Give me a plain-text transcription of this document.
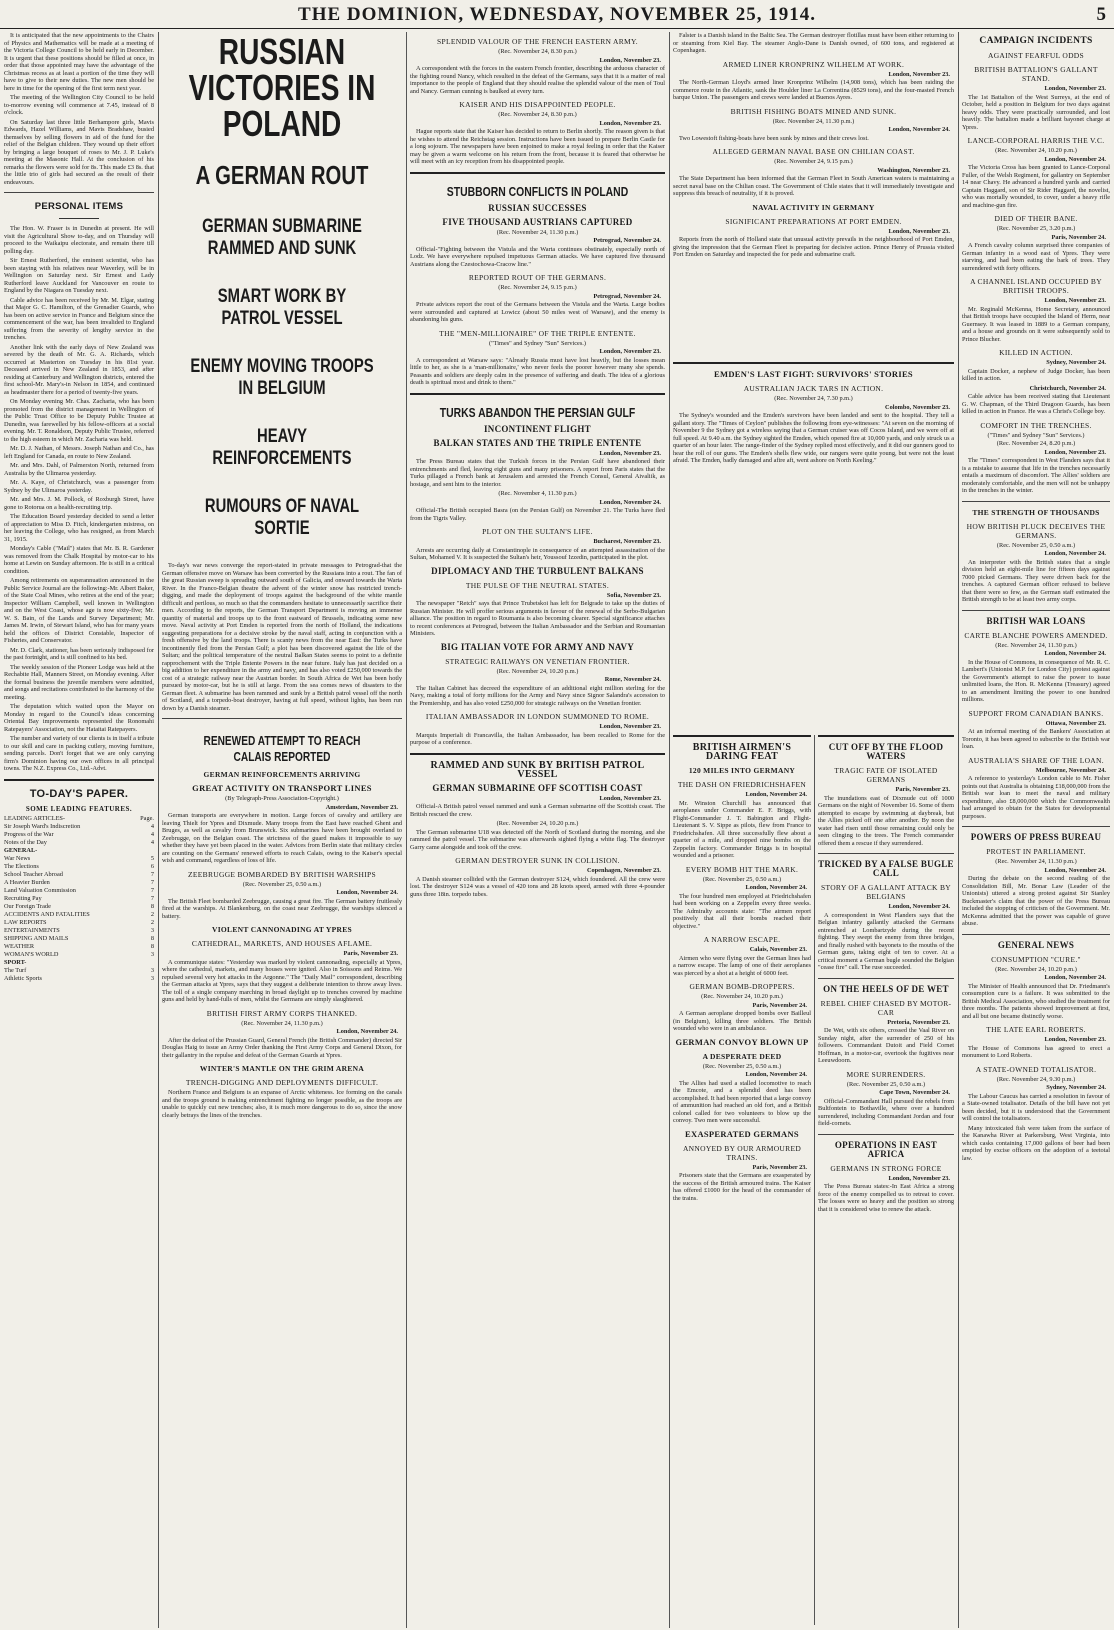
THE DOMINION, WEDNESDAY, NOVEMBER 25, 1914.	5

It is anticipated that the new appointments to the Chairs of Physics and Mathematics will be made at a meeting of the Victoria College Council to be held early in December. It is urgent that these positions should be filled at once, in order that those appointed may have the advantage of the Christmas recess as at least a portion of the time they will have to give to their new duties. The new men should be here in time for the opening of the first term next year.

The meeting of the Wellington City Council to be held to-morrow evening will commence at 7.45, instead of 8 o'clock.

On Saturday last three little Berhampore girls, Mavis Edwards, Hazel Williams, and Mavis Bradshaw, busied themselves by selling flowers in aid of the fund for the relief of the Belgian children. They wound up their effort by bringing a large bouquet of roses to Mr. J. P. Luke's meeting at the Masonic Hall. At the conclusion of his remarks the flowers were sold for 8s. This made £3 8s. that the little trio of girls had secured as the result of their endeavours.

PERSONAL ITEMS

The Hon. W. Fraser is in Dunedin at present. He will visit the Agricultural Show to-day, and on Thursday will proceed to the Waikaipu electorate, and remain there till polling day.

Sir Ernest Rutherford, the eminent scientist, who has been staying with his relatives near Waverley, will be in Wellington on Saturday next. Sir Ernest and Lady Rutherford leave Auckland for Vancouver en route to England by the Niagara on Tuesday next.

Cable advice has been received by Mr. M. Elgar, stating that Major G. C. Hamilton, of the Grenadier Guards, who has been on active service in France and Belgium since the commencement of the war, has been invalided to England suffering from the severity of lengthy service in the trenches.

Another link with the early days of New Zealand was severed by the death of Mr. G. A. Richards, which occurred at Masterton on Tuesday in his 81st year. Deceased arrived in New Zealand in 1853, and after residing at Canterbury and Wellington districts, entered the first school-Mr. Mary's-in Nelson in 1854, and continued as headmaster there for a period of twenty-five years.

On Monday evening Mr. Chas. Zacharia, who has been promoted from the district management in Wellington of the Public Trust Office to be Deputy Public Trustee at Dunedin, was farewelled by his fellow-officers at a social evening. Mr. T. Ronaldson, Deputy Public Trustee, referred to the high esteem in which Mr. Zacharia was held.

Mr. D. J. Nathan, of Messrs. Joseph Nathan and Co., has left England for Canada, en route to New Zealand.

Mr. and Mrs. Dahl, of Palmerston North, returned from Australia by the Ulimaroa yesterday.

Mr. A. Kaye, of Christchurch, was a passenger from Sydney by the Ulimaroa yesterday.

Mr. and Mrs. J. M. Pollock, of Roxburgh Street, have gone to Rotorua on a health-recruiting trip.

The Education Board yesterday decided to send a letter of appreciation to Miss D. Fitch, kindergarten mistress, on her leaving the College, who has resigned, as from March 31, 1915.

Monday's Cable ("Mail") states that Mr. B. R. Gardener was removed from the Chalk Hospital by motor-car to his home at Lewin on Sunday afternoon. He is still in a critical condition.

Among retirements on superannuation announced in the Public Service Journal are the following:-Mr. Albert Baker, of the State Coal Mines, who retires at the end of the year; Inspector William Campbell, well known in Wellington and on the West Coast, whose age is now sixty-five; Mr. W. S. Bain, of the Lands and Survey Department; Mr. James M. Irwin, of Stewart Island, who has for many years held the offices of District Constable, Inspector of Fisheries, and Conservator.

Mr. D. Clark, stationer, has been seriously indisposed for the past fortnight, and is still confined to his bed.

The weekly session of the Pioneer Lodge was held at the Rechabite Hall, Manners Street, on Monday evening. After the formal business the juvenile members were admitted, and songs and recitations contributed to the harmony of the meeting.

The deputation which waited upon the Mayor on Monday in regard to the Council's ideas concerning Oriental Bay improvements represented the Ronomahi Ratepayers' Association, not the Hataitai Ratepayers.

The number and variety of our clients is in itself a tribute to our skill and care in packing cutlery, moving furniture, sending parcels. Don't forget that we are only carrying firm's Dominion having our own offices in all principal towns. The N.Z. Express Co., Ltd.-Advt.

TO-DAY'S PAPER.
SOME LEADING FEATURES.
LEADING ARTICLES-	Page.
Sir Joseph Ward's Indiscretion	4
Progress of the War	4
Notes of the Day	4
GENERAL-
War News	5
The Elections	6
School Teacher Abroad	7
A Heavier Burden	7
Land Valuation Commission	7
Recruiting Pay	7
Our Foreign Trade	8
ACCIDENTS AND FATALITIES	2
LAW REPORTS	2
ENTERTAINMENTS	3
SHIPPING AND MAILS	8
WEATHER	8
WOMAN'S WORLD	3
SPORT-
The Turf	3
Athletic Sports	3
RUSSIAN VICTORIES IN POLAND
A GERMAN ROUT
GERMAN SUBMARINE RAMMED AND SUNK
SMART WORK BY PATROL VESSEL
ENEMY MOVING TROOPS IN BELGIUM
HEAVY REINFORCEMENTS
RUMOURS OF NAVAL SORTIE

To-day's war news converge the report-stated in private messages to Petrograd-that the German offensive move on Warsaw has been converted by the Russians into a rout. The fan of the great Russian sweep is spreading outward south of Galicia, and onward towards the Warta River. In the Franco-Belgian theatre the advent of the winter snow has restricted trench-digging, and made the deployment of troops against the background of the white mantle difficult and perilous, so much so that the commanders hesitate to unnecessarily sacrifice their men. According to the reports, the German Transport Department is moving an immense quantity of material and troops up to the front eastward of Brussels, indicating some new move. Naval activity at Port Emden is reported from the north of Holland, the indications suggesting preparations for a decisive stroke by the naval staff, acting in conjunction with a fresh offensive by the land troops. There is scanty news from the near East: the Turks have incontinently fled from the Persian Gulf; a plot has been discovered against the life of the Sultan; and the political temperature of the neutral Balkan States seems to point to a definite rapprochement with the Triple Entente Powers in the near future. Italy has just decided on a big addition to her expenditure in the army and navy, and has also voted £250,000 towards the cost of a strategic railway near the Austrian border. In South Africa de Wet has been hotly pursued by motor-car, but he is still at large. From the sea comes news of disasters to the German fleet. A submarine has been rammed and sunk by a British patrol vessel off the north of Scotland, and a torpedo-boat destroyer, having at full speed, without lights, has been run down by a Danish steamer.

RENEWED ATTEMPT TO REACH CALAIS REPORTED
GERMAN REINFORCEMENTS ARRIVING
GREAT ACTIVITY ON TRANSPORT LINES
(By Telegraph-Press Association-Copyright.)
Amsterdam, November 23.

German transports are everywhere in motion. Large forces of cavalry and artillery are leaving Thielt for Ypres and Dixmude. Many troops from the East have reached Ghent and Bruges, as well as cavalry from Brunswick. Six submarines have been brought overland to Zeebrugge, on the Belgian coast. The strictness of the guard makes it impossible to say whether they have yet been placed in the water. Advices from Berlin state that military circles are counting on the Germans' renewed efforts to reach Calais, owing to the Kaiser's special wish and command, regardless of loss of life.

ZEEBRUGGE BOMBARDED BY BRITISH WARSHIPS
(Rec. November 25, 0.50 a.m.)
London, November 24.

The British Fleet bombarded Zeebrugge, causing a great fire. The German battery fruitlessly fired at the warships. At Blankenburg, on the coast near Zeebrugge, the warships silenced a battery.

VIOLENT CANNONADING AT YPRES
CATHEDRAL, MARKETS, AND HOUSES AFLAME.
Paris, November 23.

A communique states: "Yesterday was marked by violent cannonading, especially at Ypres, where the cathedral, markets, and many houses were ignited. Also in Soissons and Reims. We repulsed several very hot attacks in the Argonne." The "Daily Mail" correspondent, describing the German attacks at Ypres, says that they suggest a deliberate intention to throw away lives. The toll of a single company marching in broad daylight up to trenches covered by machine guns and held by hand-fulls of men, whilst the Germans are simply slaughtered.

BRITISH FIRST ARMY CORPS THANKED.
(Rec. November 24, 11.30 p.m.)
London, November 24.

After the defeat of the Prussian Guard, General French (the British Commander) directed Sir Douglas Haig to issue an Army Order thanking the First Army Corps and General Dixon, for their gallantry in the repulse and defeat of the German Guards at Ypres.

WINTER'S MANTLE ON THE GRIM ARENA
TRENCH-DIGGING AND DEPLOYMENTS DIFFICULT.

Northern France and Belgium is an expanse of Arctic whiteness. Ice forming on the canals and the troops ground is making entrenchment fighting no longer possible, as the troops are unable to quickly cut new trenches; also, it is much more dangerous to do so, since the snow clearly betrays the lines of the trenches.

SPLENDID VALOUR OF THE FRENCH EASTERN ARMY.
(Rec. November 24, 8.30 p.m.)
London, November 23.

A correspondent with the forces in the eastern French frontier, describing the arduous character of the fighting round Nancy, which resulted in the defeat of the Germans, says that it is a matter of real importance to the people of England that they should realise the splendid valour of the men of Toul and Nancy. German cunning is baulked at every turn.

KAISER AND HIS DISAPPOINTED PEOPLE.
(Rec. November 24, 8.30 p.m.)
London, November 23.

Hague reports state that the Kaiser has decided to return to Berlin shortly. The reason given is that he wishes to attend the Reichstag session. Instructions have been issued to prepare Berlin Castle for a long sojourn. The newspapers have been enjoined to make a royal feeling in order that the Kaiser may be given a warm welcome on his return from the front, because it is feared that otherwise he will meet with an icy reception from his disappointed people.

STUBBORN CONFLICTS IN POLAND
RUSSIAN SUCCESSES
FIVE THOUSAND AUSTRIANS CAPTURED
(Rec. November 24, 11.30 p.m.)
Petrograd, November 24.

Official-"Fighting between the Vistula and the Warta continues obstinately, especially north of Lodz. We have everywhere repulsed impetuous German attacks. We have captured five thousand Austrians along the Czestochowa-Cracow line."

REPORTED ROUT OF THE GERMANS.
(Rec. November 24, 9.15 p.m.)
Petrograd, November 24.

Private advices report the rout of the Germans between the Vistula and the Warta. Large bodies were surrounded and captured at Lowicz (about 50 miles west of Warsaw), and the enemy is abandoning his guns.

THE "MEN-MILLIONAIRE" OF THE TRIPLE ENTENTE.
("Times" and Sydney "Sun" Services.)
London, November 23.

A correspondent at Warsaw says: "Already Russia must have lost heavily, but the losses mean little to her, as she is a 'man-millionaire,' who never feels the poorer however many she spends. Peasants and soldiers are deeply calm in the presence of suffering and death. The idea of a glorious death is spiritual most and drink to them."

TURKS ABANDON THE PERSIAN GULF
INCONTINENT FLIGHT
BALKAN STATES AND THE TRIPLE ENTENTE
London, November 23.

The Press Bureau states that the Turkish forces in the Persian Gulf have abandoned their entrenchments and fled, leaving eight guns and many prisoners. A report from Paris states that the Turks pillaged a French bank at Jerusalem and arrested the French Consul, General Aivaliik, as hostage, and sent him to the interior.

(Rec. November 4, 11.30 p.m.)
London, November 24.

Official-The British occupied Basra (on the Persian Gulf) on November 21. The Turks have fled from the Tigris Valley.

PLOT ON THE SULTAN'S LIFE.
Bucharest, November 23.

Arrests are occurring daily at Constantinople in consequence of an attempted assassination of the Sultan, Mohamed V. It is suspected the Sultan's heir, Youssouf Izzedin, participated in the plot.

DIPLOMACY AND THE TURBULENT BALKANS
THE PULSE OF THE NEUTRAL STATES.
Sofia, November 23.

The newspaper "Retch" says that Prince Trubetskoi has left for Belgrade to take up the duties of Russian Minister. He will proffer serious arguments in favour of the renewal of the Serbo-Bulgarian alliance. The position in regard to Roumania is also becoming clearer. Special significance attaches to recent conferences at Petrograd, between the Italian Ambassador and the Serbian and Roumanian Ministers.

BIG ITALIAN VOTE FOR ARMY AND NAVY
STRATEGIC RAILWAYS ON VENETIAN FRONTIER.
(Rec. November 24, 10.20 p.m.)
Rome, November 24.

The Italian Cabinet has decreed the expenditure of an additional eight million sterling for the Navy, making a total of forty millions for the Army and Navy since Signor Salandra's accession to the Premiership, and has also voted £250,000 for strategic railways on the Venetian frontier.

ITALIAN AMBASSADOR IN LONDON SUMMONED TO ROME.
London, November 23.

Marquis Imperiali di Francavilla, the Italian Ambassador, has been recalled to Rome for the purpose of a conference.

RAMMED AND SUNK BY BRITISH PATROL VESSEL
GERMAN SUBMARINE OFF SCOTTISH COAST
London, November 23.

Official-A British patrol vessel rammed and sunk a German submarine off the Scottish coast. The British rescued the crew.

(Rec. November 24, 10.20 p.m.)

The German submarine U18 was detected off the North of Scotland during the morning, and she rammed the patrol vessel. The submarine was afterwards sighted flying a white flag. The destroyer Garry came alongside and took off the crew.

GERMAN DESTROYER SUNK IN COLLISION.
Copenhagen, November 23.

A Danish steamer collided with the German destroyer S124, which foundered. All the crew were lost. The destroyer S124 was a vessel of 420 tons and 28 knots speed, armed with three 4-pounder guns three 18in. torpedo tubes.

Falster is a Danish island in the Baltic Sea. The German destroyer flotillas must have been either returning to or steaming from Kiel Bay. The steamer Anglo-Dane is Danish owned, of 600 tons, and registered at Copenhagen.

ARMED LINER KRONPRINZ WILHELM AT WORK.
London, November 23.

The North-German Lloyd's armed liner Kronprinz Wilhelm (14,908 tons), which has been raiding the commerce route in the Atlantic, sank the Houlder liner La Correntina (8529 tons), and the four-masted French barque Union. The passengers and crews were landed at Buenos Ayres.

BRITISH FISHING BOATS MINED AND SUNK.
(Rec. November 24, 11.30 p.m.)
London, November 24.

Two Lowestoft fishing-boats have been sunk by mines and their crews lost.

ALLEGED GERMAN NAVAL BASE ON CHILIAN COAST.
(Rec. November 24, 9.15 p.m.)
Washington, November 23.

The State Department has been informed that the German Fleet in South American waters is maintaining a secret naval base on the Chilian coast. The Government of Chile states that it will immediately investigate and suppress this breach of neutrality, if it is proved.

NAVAL ACTIVITY IN GERMANY
SIGNIFICANT PREPARATIONS AT PORT EMDEN.
London, November 23.

Reports from the north of Holland state that unusual activity prevails in the neighbourhood of Port Emden, giving the impression that the German Fleet is preparing for decisive action. Prince Henry of Prussia visited Port Emden on Saturday and inspected the for pede and submarine craft.

EMDEN'S LAST FIGHT: SURVIVORS' STORIES
AUSTRALIAN JACK TARS IN ACTION.
(Rec. November 24, 7.30 p.m.)
Colombo, November 23.

The Sydney's wounded and the Emden's survivors have been landed and sent to the hospital. They tell a gallant story. The "Times of Ceylon" publishes the following from eye-witnesses: "At seven on the morning of November 9 the Sydney got a wireless saying that a German cruiser was off Cocos Island, and we were off at full speed. At 9.40 a.m. the Sydney sighted the Emden, which opened fire at 10,000 yards, and only struck us a quarter of an hour later. The range-finder of the Sydney replied most effectively, and it did our gunners good to hear the roll of our guns. The Emden's shells flew wide, our rangers were quite young, but were not the least afraid. The Emden, badly damaged and afire aft, went ashore on North Keeling."

BRITISH AIRMEN'S DARING FEAT
120 MILES INTO GERMANY
THE DASH ON FRIEDRICHSHAFEN
London, November 24.

Mr. Winston Churchill has announced that aeroplanes under Commander E. F. Briggs, with Flight-Commander J. T. Babington and Flight-Lieutenant S. V. Sippe as pilots, flew from France to Friedrichshafen. All three successfully flew about a quarter of a mile, and dropped nine bombs on the Zeppelin factory. Commander Briggs is in hospital wounded and a prisoner.

EVERY BOMB HIT THE MARK.
(Rec. November 25, 0.50 a.m.)
London, November 24.

The four hundred men employed at Friedrichshafen had been working on a Zeppelin every three weeks. The Admiralty accounts state: "The airmen report positively that all their bombs reached their objective."

A NARROW ESCAPE.
Calais, November 23.

Airmen who were flying over the German lines had a narrow escape. The lamp of one of their aeroplanes was pierced by a shot at a height of 6000 feet.

GERMAN BOMB-DROPPERS.
(Rec. November 24, 10.20 p.m.)
Paris, November 24.

A German aeroplane dropped bombs over Bailleul (in Belgium), killing three soldiers. The British wounded who were in an ambulance.

GERMAN CONVOY BLOWN UP
A DESPERATE DEED
(Rec. November 25, 0.50 a.m.)
London, November 24.

The Allies had used a stalled locomotive to reach the Emcote, and a splendid deed has been accomplished. It had been reported that a large convoy of ammunition had reached an old fort, and a British colonel called for two volunteers to blow up the convoy. Two men were successful.

EXASPERATED GERMANS
ANNOYED BY OUR ARMOURED TRAINS.
Paris, November 23.

Prisoners state that the Germans are exasperated by the success of the British armoured trains. The Kaiser has offered £1000 for the head of the commander of the trains.

CUT OFF BY THE FLOOD WATERS
TRAGIC FATE OF ISOLATED GERMANS
Paris, November 23.

The inundations east of Dixmude cut off 1000 Germans on the night of November 16. Some of them attempted to escape by swimming at daybreak, but the Allies picked off one after another. By noon the water had risen until those remaining could only be seen clinging to the trees. The French commander offered them a rescue if they surrendered.

TRICKED BY A FALSE BUGLE CALL
STORY OF A GALLANT ATTACK BY BELGIANS
London, November 24.

A correspondent in West Flanders says that the Belgian infantry gallantly attacked the Germans entrenched at Lombartzyde during the recent fighting. They swept the enemy from three bridges, and finally rushed with bayonets to the mouths of the German guns, taking eight of ten to cover. At a critical moment a German bugle sounded the Belgian "cease fire" call. The ruse succeeded.

ON THE HEELS OF DE WET
REBEL CHIEF CHASED BY MOTOR-CAR
Pretoria, November 23.

De Wet, with six others, crossed the Vaal River on Sunday night, after the surrender of 250 of his followers. Commandant Dutoit and Field Cornet Hoffman, in a motor-car, overtook the fugitives near Leeuwdoorn.

MORE SURRENDERS.
(Rec. November 25, 0.50 a.m.)
Cape Town, November 24.

Official-Commandant Hall pursued the rebels from Bultfontein to Bothaville, where over a hundred surrendered, including Commandant Jordan and four field-cornets.

OPERATIONS IN EAST AFRICA
GERMANS IN STRONG FORCE
London, November 23.

The Press Bureau states:-In East Africa a strong force of the enemy compelled us to retreat to cover. The losses were so heavy and the position so strong that it is considered wise to renew the attack.

CAMPAIGN INCIDENTS
AGAINST FEARFUL ODDS
BRITISH BATTALION'S GALLANT STAND.
London, November 23.

The 1st Battalion of the West Surreys, at the end of October, held a position in Belgium for two days against heavy odds. They were practically surrounded, and lost heavily. The battalion made a brilliant bayonet charge at Ypres.

LANCE-CORPORAL HARRIS THE V.C.
(Rec. November 24, 10.20 p.m.)
London, November 24.

The Victoria Cross has been granted to Lance-Corporal Fuller, of the Welsh Regiment, for gallantry on September 14 near Chavy. He advanced a hundred yards and carried Captain Haggard, son of Sir Rider Haggard, the novelist, who was mortally wounded, to cover, under a heavy rifle and machine-gun fire.

DIED OF THEIR BANE.
(Rec. November 25, 3.20 p.m.)
Paris, November 24.

A French cavalry column surprised three companies of German infantry in a wood east of Ypres. They were starving, and had been eating the bark of trees. They surrendered with forty officers.

A CHANNEL ISLAND OCCUPIED BY BRITISH TROOPS.
London, November 23.

Mr. Reginald McKenna, Home Secretary, announced that British troops have occupied the Island of Herm, near Guernsey. It was leased in 1889 to a German company, and a house and grounds on it were subsequently sold to Prince Blucher.

KILLED IN ACTION.
Sydney, November 24.

Captain Docker, a nephew of Judge Docker, has been killed in action.

Christchurch, November 24.

Cable advice has been received stating that Lieutenant G. W. Chapman, of the Third Dragoon Guards, has been killed in action in France. He was a Christ's College boy.

COMFORT IN THE TRENCHES.
("Times" and Sydney "Sun" Services.)
(Rec. November 24, 8.20 p.m.)
London, November 23.

The "Times" correspondent in West Flanders says that it is a mistake to assume that life in the trenches necessarily entails a maximum of discomfort. The Allies' soldiers are moderately comfortable, and the men will not be unhappy in the trenches in the winter.

THE STRENGTH OF THOUSANDS
HOW BRITISH PLUCK DECEIVES THE GERMANS.
(Rec. November 25, 0.50 a.m.)
London, November 24.

An interpreter with the British states that a single division held an eight-mile line for fifteen days against 7000 picked Germans. They were driven back for the trenches. A captured German officer refused to believe that there were so few, as the German staff estimated the British strength to be at least two army corps.

BRITISH WAR LOANS
CARTE BLANCHE POWERS AMENDED.
(Rec. November 24, 11.30 p.m.)
London, November 24.

In the House of Commons, in consequence of Mr. R. C. Lambert's (Unionist M.P. for London City) protest against the Government's attempt to raise the power to issue unlimited loans, the Hon. R. McKenna (Treasury) agreed to an amendment limiting the power to one hundred millions.

SUPPORT FROM CANADIAN BANKS.
Ottawa, November 23.

At an informal meeting of the Bankers' Association at Toronto, it has been agreed to subscribe to the British war loan.

AUSTRALIA'S SHARE OF THE LOAN.
Melbourne, November 24.

A reference to yesterday's London cable to Mr. Fisher points out that Australia is obtaining £18,000,000 from the British war loan to meet the naval and military expenditure, also £8,000,000 which the Commonwealth had arranged to obtain for the States for developmental purposes.

POWERS OF PRESS BUREAU
PROTEST IN PARLIAMENT.
(Rec. November 24, 11.30 p.m.)
London, November 24.

During the debate on the second reading of the Consolidation Bill, Mr. Bonar Law (Leader of the Unionists) uttered a strong protest against Sir Stanley Buckmaster's claim that the power of the Press Bureau included the stopping of criticism of the Government. Mr. McKenna admitted that the power was capable of grave abuse.

GENERAL NEWS
CONSUMPTION "CURE."
(Rec. November 24, 10.20 p.m.)
London, November 24.

The Minister of Health announced that Dr. Friedmann's consumption cure is a failure. It was submitted to the British Medical Association, who studied the treatment for three months. The patients showed improvement at first, and all but one became distinctly worse.

THE LATE EARL ROBERTS.
London, November 23.

The House of Commons has agreed to erect a monument to Lord Roberts.

A STATE-OWNED TOTALISATOR.
(Rec. November 24, 9.30 p.m.)
Sydney, November 24.

The Labour Caucus has carried a resolution in favour of a State-owned totalisator. Details of the bill have not yet been decided, but it is understood that the Government will control the totalisators.

Many intoxicated fish were taken from the surface of the Kanawha River at Parkersburg, West Virginia, into which casks containing 17,000 gallons of beer had been emptied by excise officers on the adoption of a teetotal law.
